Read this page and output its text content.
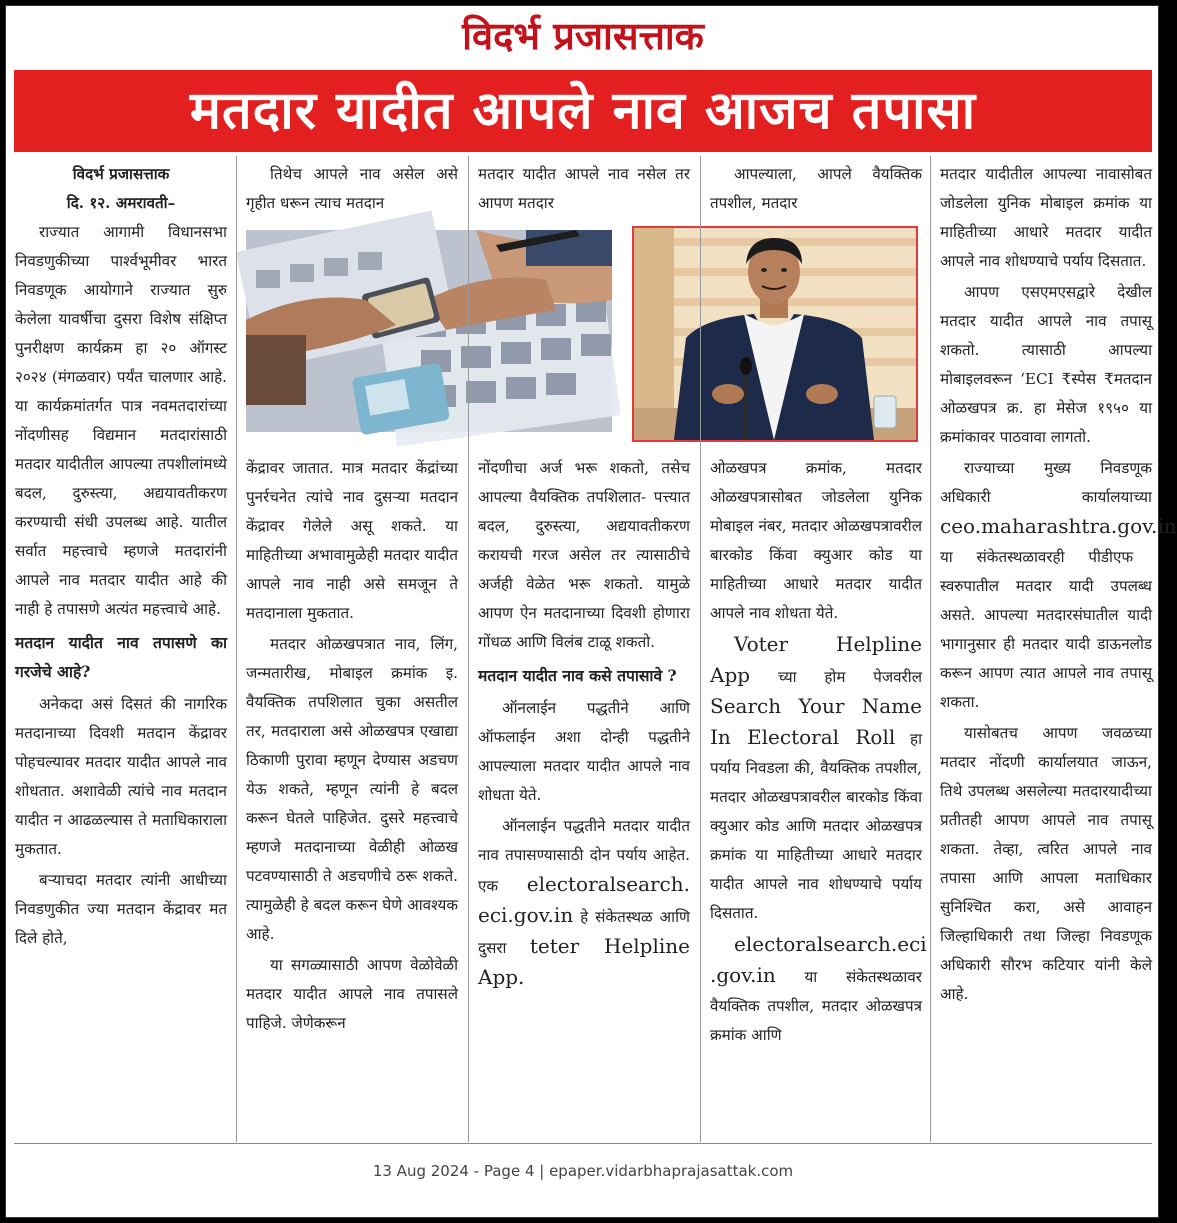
विदर्भ प्रजासत्ताक
मतदार यादीत आपले नाव आजच तपासा

विदर्भ प्रजासत्ताक

दि. १२. अमरावती–

राज्यात आगामी विधानसभा निवडणुकीच्या पार्श्वभूमीवर भारत निवडणूक आयोगाने राज्यात सुरु केलेला यावर्षीचा दुसरा विशेष संक्षिप्त पुनरीक्षण कार्यक्रम हा २० ऑगस्ट २०२४ (मंगळवार) पर्यंत चालणार आहे. या कार्यक्रमांतर्गत पात्र नवमतदारांच्या नोंदणीसह विद्यमान मतदारांसाठी मतदार यादीतील आपल्या तपशीलांमध्ये बदल, दुरुस्त्या, अद्ययावतीकरण करण्याची संधी उपलब्ध आहे. यातील सर्वात महत्त्वाचे म्हणजे मतदारांनी आपले नाव मतदार यादीत आहे की नाही हे तपासणे अत्यंत महत्त्वाचे आहे.

मतदान यादीत नाव तपासणे का गरजेचे आहे?

अनेकदा असं दिसतं की नागरिक मतदानाच्या दिवशी मतदान केंद्रावर पोहचल्यावर मतदार यादीत आपले नाव शोधतात. अशावेळी त्यांचे नाव मतदान यादीत न आढळल्यास ते मताधिकाराला मुकतात.

बऱ्याचदा मतदार त्यांनी आधीच्या निवडणुकीत ज्या मतदान केंद्रावर मत दिले होते,

तिथेच आपले नाव असेल असे गृहीत धरून त्याच मतदान

केंद्रावर जातात. मात्र मतदार केंद्रांच्या पुनर्रचनेत त्यांचे नाव दुसऱ्या मतदान केंद्रावर गेलेले असू शकते. या माहितीच्या अभावामुळेही मतदार यादीत आपले नाव नाही असे समजून ते मतदानाला मुकतात.

मतदार ओळखपत्रात नाव, लिंग, जन्मतारीख, मोबाइल क्रमांक इ. वैयक्तिक तपशिलात चुका असतील तर, मतदाराला असे ओळखपत्र एखाद्या ठिकाणी पुरावा म्हणून देण्यास अडचण येऊ शकते, म्हणून त्यांनी हे बदल करून घेतले पाहिजेत. दुसरे महत्त्वाचे म्हणजे मतदानाच्या वेळीही ओळख पटवण्यासाठी ते अडचणीचे ठरू शकते. त्यामुळेही हे बदल करून घेणे आवश्यक आहे.

या सगळ्यासाठी आपण वेळोवेळी मतदार यादीत आपले नाव तपासले पाहिजे. जेणेकरून

मतदार यादीत आपले नाव नसेल तर आपण मतदार

नोंदणीचा अर्ज भरू शकतो, तसेच आपल्या वैयक्तिक तपशिलात- पत्त्यात बदल, दुरुस्त्या, अद्ययावतीकरण करायची गरज असेल तर त्यासाठीचे अर्जही वेळेत भरू शकतो. यामुळे आपण ऐन मतदानाच्या दिवशी होणारा गोंधळ आणि विलंब टाळू शकतो.

मतदान यादीत नाव कसे तपासावे ?

ऑनलाईन पद्धतीने आणि ऑफलाईन अशा दोन्ही पद्धतीने आपल्याला मतदार यादीत आपले नाव शोधता येते.

ऑनलाईन पद्धतीने मतदार यादीत नाव तपासण्यासाठी दोन पर्याय आहेत. एक electoralsearch. eci.gov.in हे संकेतस्थळ आणि दुसरा teter Helpline App.

आपल्याला, आपले वैयक्तिक तपशील, मतदार

ओळखपत्र क्रमांक, मतदार ओळखपत्रासोबत जोडलेला युनिक मोबाइल नंबर, मतदार ओळखपत्रावरील बारकोड किंवा क्युआर कोड या माहितीच्या आधारे मतदार यादीत आपले नाव शोधता येते.

Voter Helpline App च्या होम पेजवरील Search Your Name In Electoral Roll हा पर्याय निवडला की, वैयक्तिक तपशील, मतदार ओळखपत्रावरील बारकोड किंवा क्युआर कोड आणि मतदार ओळखपत्र क्रमांक या माहितीच्या आधारे मतदार यादीत आपले नाव शोधण्याचे पर्याय दिसतात.

electoralsearch.eci .gov.in या संकेतस्थळावर वैयक्तिक तपशील, मतदार ओळखपत्र क्रमांक आणि

मतदार यादीतील आपल्या नावासोबत जोडलेला युनिक मोबाइल क्रमांक या माहितीच्या आधारे मतदार यादीत आपले नाव शोधण्याचे पर्याय दिसतात.

आपण एसएमएसद्वारे देखील मतदार यादीत आपले नाव तपासू शकतो. त्यासाठी आपल्या मोबाइलवरून ‘ECI ₹स्पेस ₹मतदान ओळखपत्र क्र. हा मेसेज १९५० या क्रमांकावर पाठवावा लागतो.

राज्याच्या मुख्य निवडणूक अधिकारी कार्यालयाच्या ceo.maharashtra.gov.in या संकेतस्थळावरही पीडीएफ स्वरुपातील मतदार यादी उपलब्ध असते. आपल्या मतदारसंघातील यादी भागानुसार ही मतदार यादी डाऊनलोड करून आपण त्यात आपले नाव तपासू शकता.

यासोबतच आपण जवळच्या मतदार नोंदणी कार्यालयात जाऊन, तिथे उपलब्ध असलेल्या मतदारयादीच्या प्रतीतही आपण आपले नाव तपासू शकता. तेव्हा, त्वरित आपले नाव तपासा आणि आपला मताधिकार सुनिश्चित करा, असे आवाहन जिल्हाधिकारी तथा जिल्हा निवडणूक अधिकारी सौरभ कटियार यांनी केले आहे.

13 Aug 2024 - Page 4 | epaper.vidarbhaprajasattak.com
